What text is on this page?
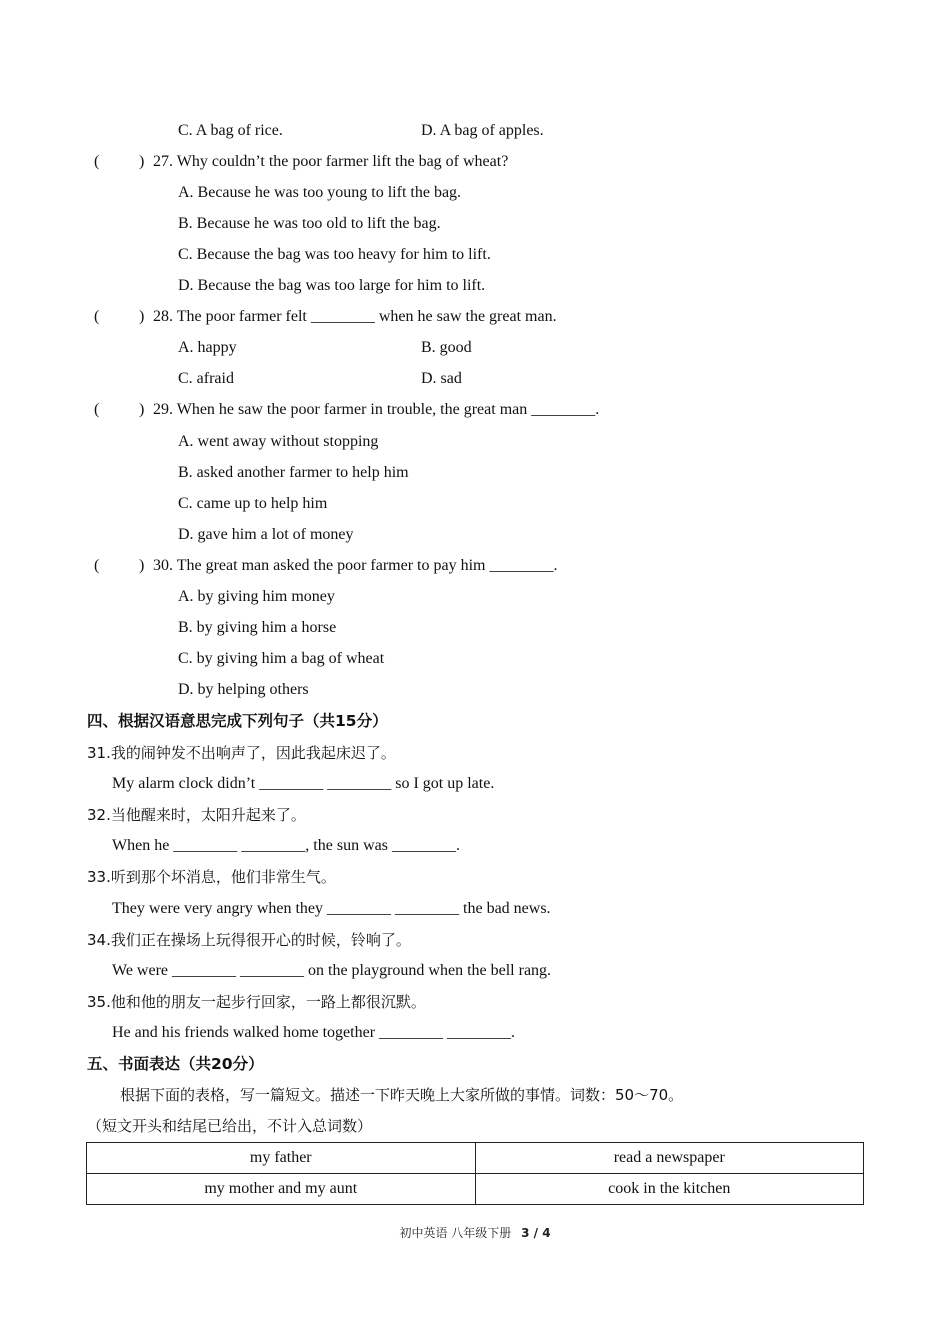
C. A bag of rice.	D. A bag of apples.
( ) 27. Why couldn’t the poor farmer lift the bag of wheat?
A. Because he was too young to lift the bag.
B. Because he was too old to lift the bag.
C. Because the bag was too heavy for him to lift.
D. Because the bag was too large for him to lift.
( ) 28. The poor farmer felt ________ when he saw the great man.
A. happy	B. good
C. afraid	D. sad
( ) 29. When he saw the poor farmer in trouble, the great man ________.
A. went away without stopping
B. asked another farmer to help him
C. came up to help him
D. gave him a lot of money
( ) 30. The great man asked the poor farmer to pay him ________.
A. by giving him money
B. by giving him a horse
C. by giving him a bag of wheat
D. by helping others
四、根据汉语意思完成下列句子（共15分）
31.我的闹钟发不出响声了，因此我起床迟了。
My alarm clock didn’t ________ ________ so I got up late.
32.当他醒来时，太阳升起来了。
When he ________ ________, the sun was ________.
33.听到那个坏消息，他们非常生气。
They were very angry when they ________ ________ the bad news.
34.我们正在操场上玩得很开心的时候，铃响了。
We were ________ ________ on the playground when the bell rang.
35.他和他的朋友一起步行回家，一路上都很沉默。
He and his friends walked home together ________ ________.
五、书面表达（共20分）
根据下面的表格，写一篇短文。描述一下昨天晚上大家所做的事情。词数：50～70。
（短文开头和结尾已给出，不计入总词数）
my father	read a newspaper
my mother and my aunt	cook in the kitchen
初中英语 八年级下册 3 / 4
